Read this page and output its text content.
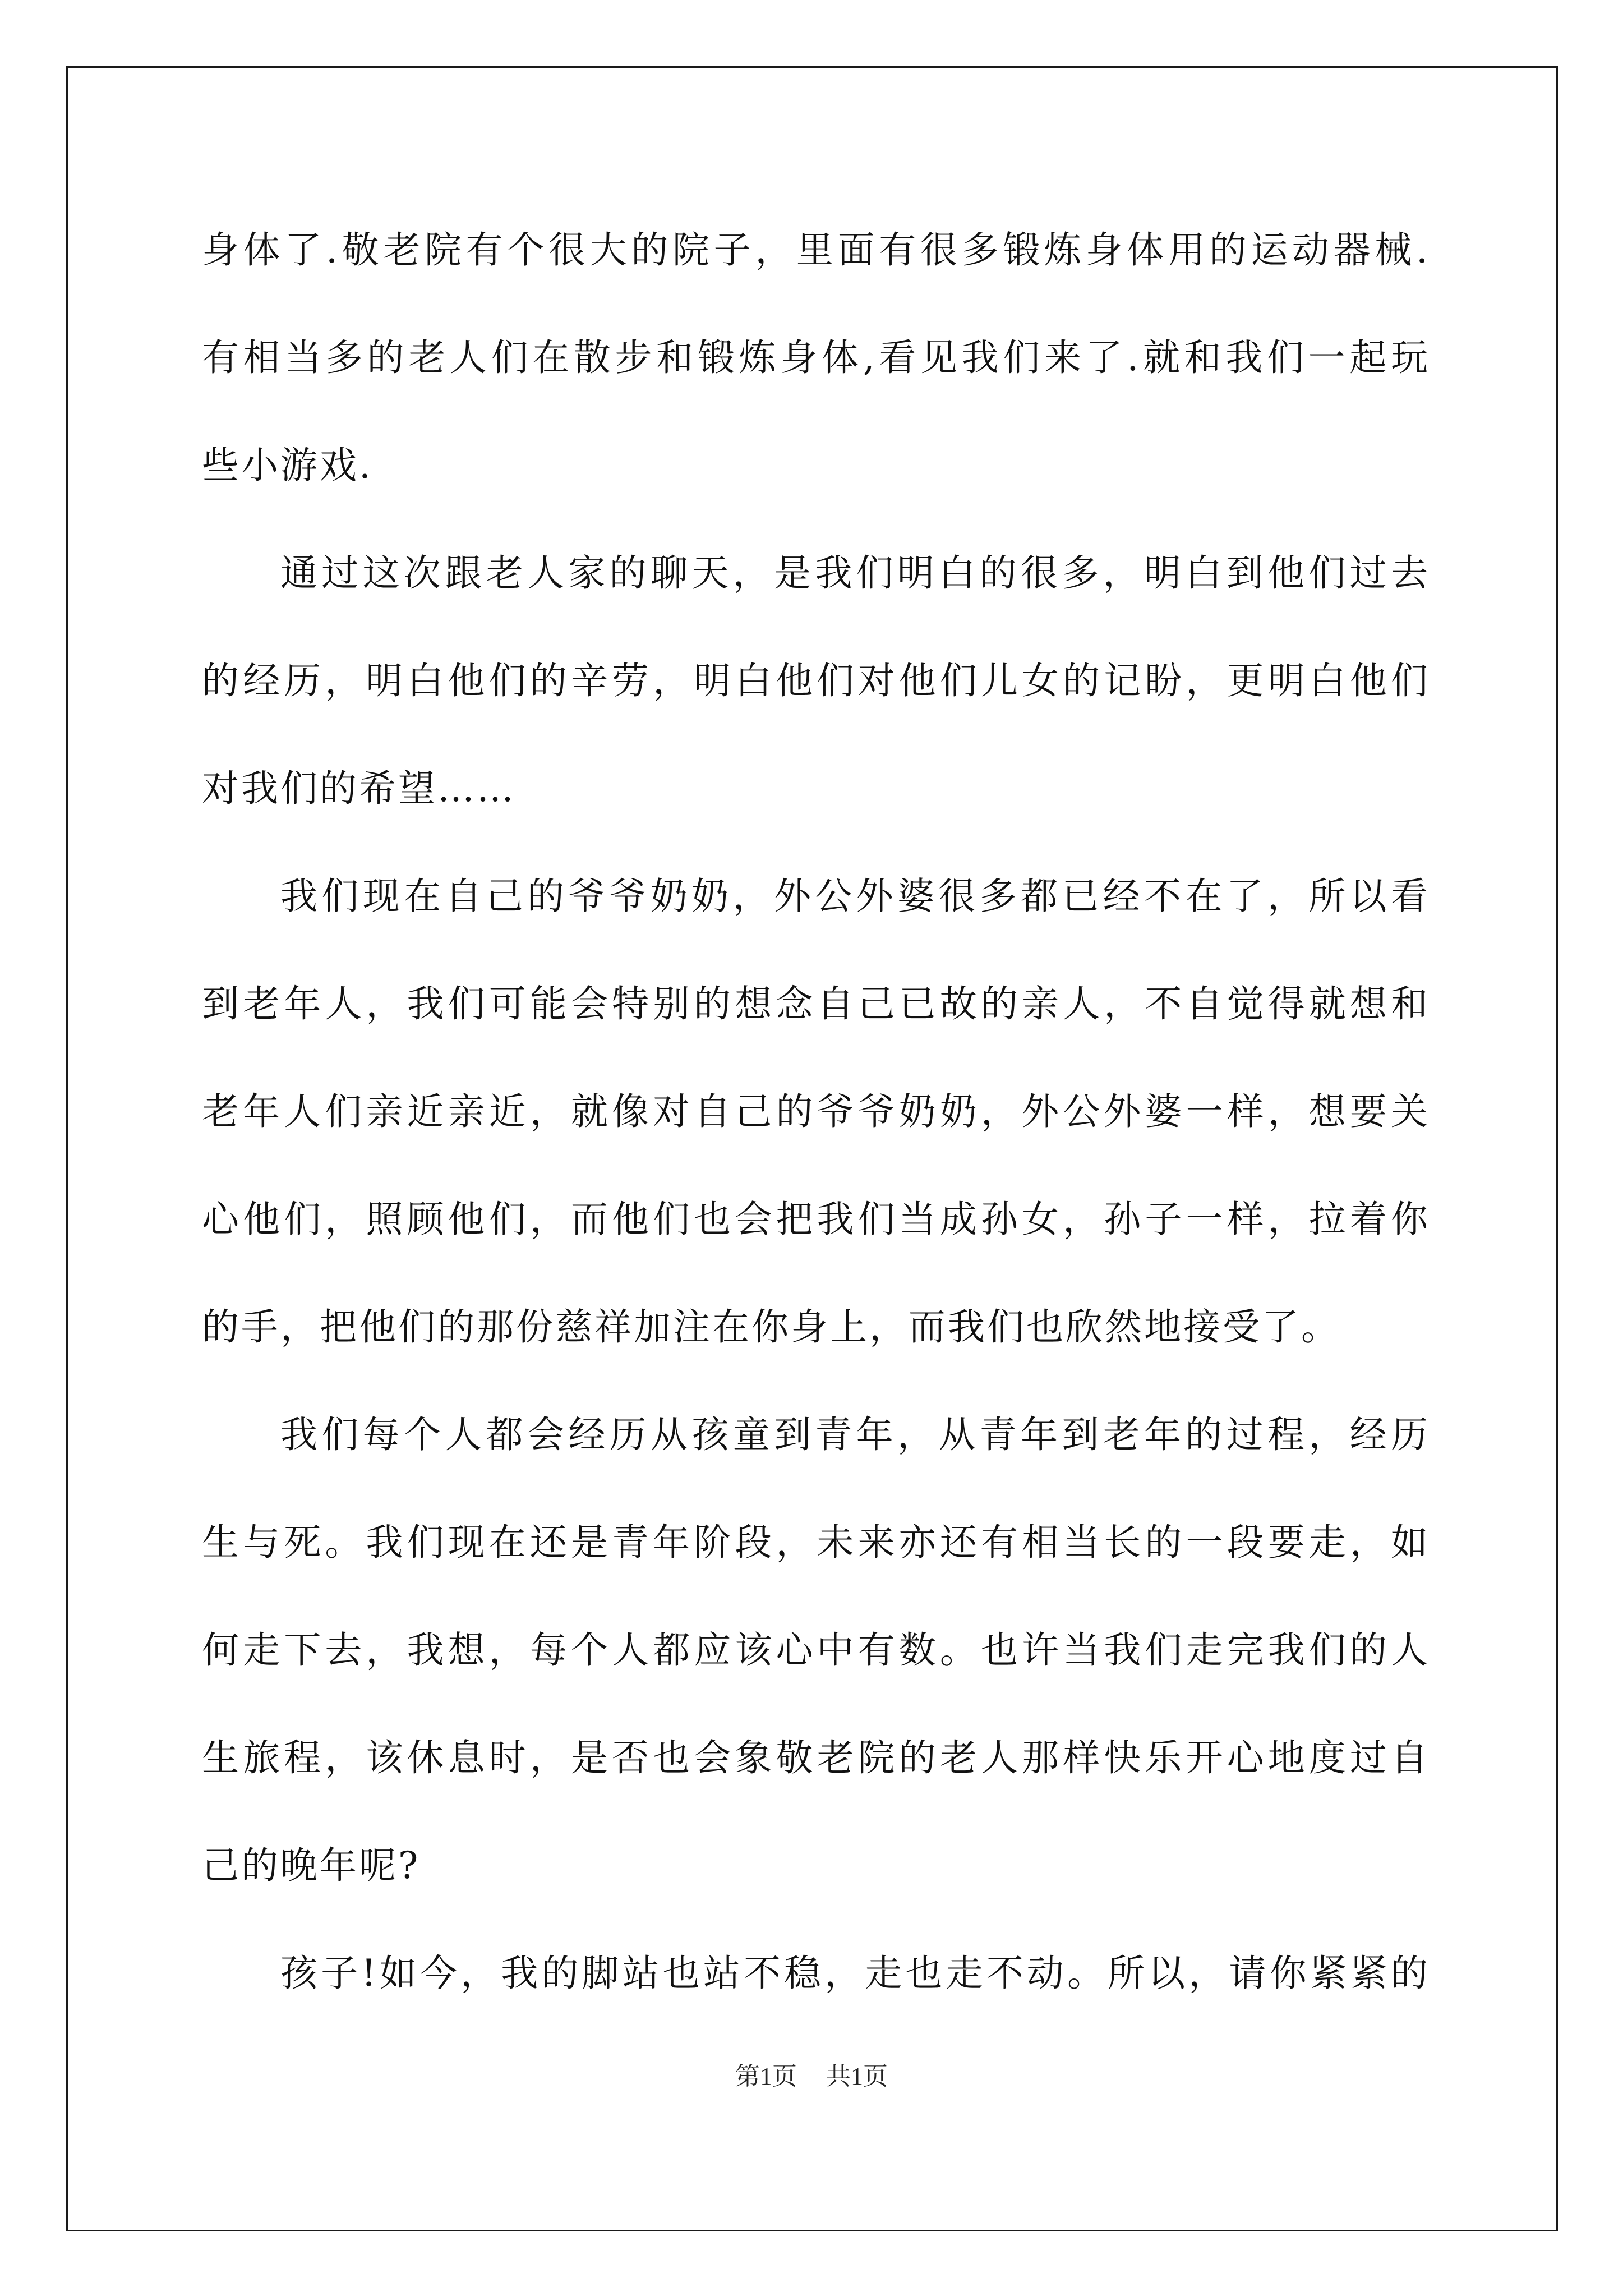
身体了.敬老院有个很大的院子，里面有很多锻炼身体用的运动器械.
有相当多的老人们在散步和锻炼身体,看见我们来了.就和我们一起玩
些小游戏.
通过这次跟老人家的聊天，是我们明白的很多，明白到他们过去
的经历，明白他们的辛劳，明白他们对他们儿女的记盼，更明白他们
对我们的希望……
我们现在自己的爷爷奶奶，外公外婆很多都已经不在了，所以看
到老年人，我们可能会特别的想念自己已故的亲人，不自觉得就想和
老年人们亲近亲近，就像对自己的爷爷奶奶，外公外婆一样，想要关
心他们，照顾他们，而他们也会把我们当成孙女，孙子一样，拉着你
的手，把他们的那份慈祥加注在你身上，而我们也欣然地接受了。
我们每个人都会经历从孩童到青年，从青年到老年的过程，经历
生与死。我们现在还是青年阶段，未来亦还有相当长的一段要走，如
何走下去，我想，每个人都应该心中有数。也许当我们走完我们的人
生旅程，该休息时，是否也会象敬老院的老人那样快乐开心地度过自
己的晚年呢?
孩子!如今，我的脚站也站不稳，走也走不动。所以，请你紧紧的
第1页 共1页
